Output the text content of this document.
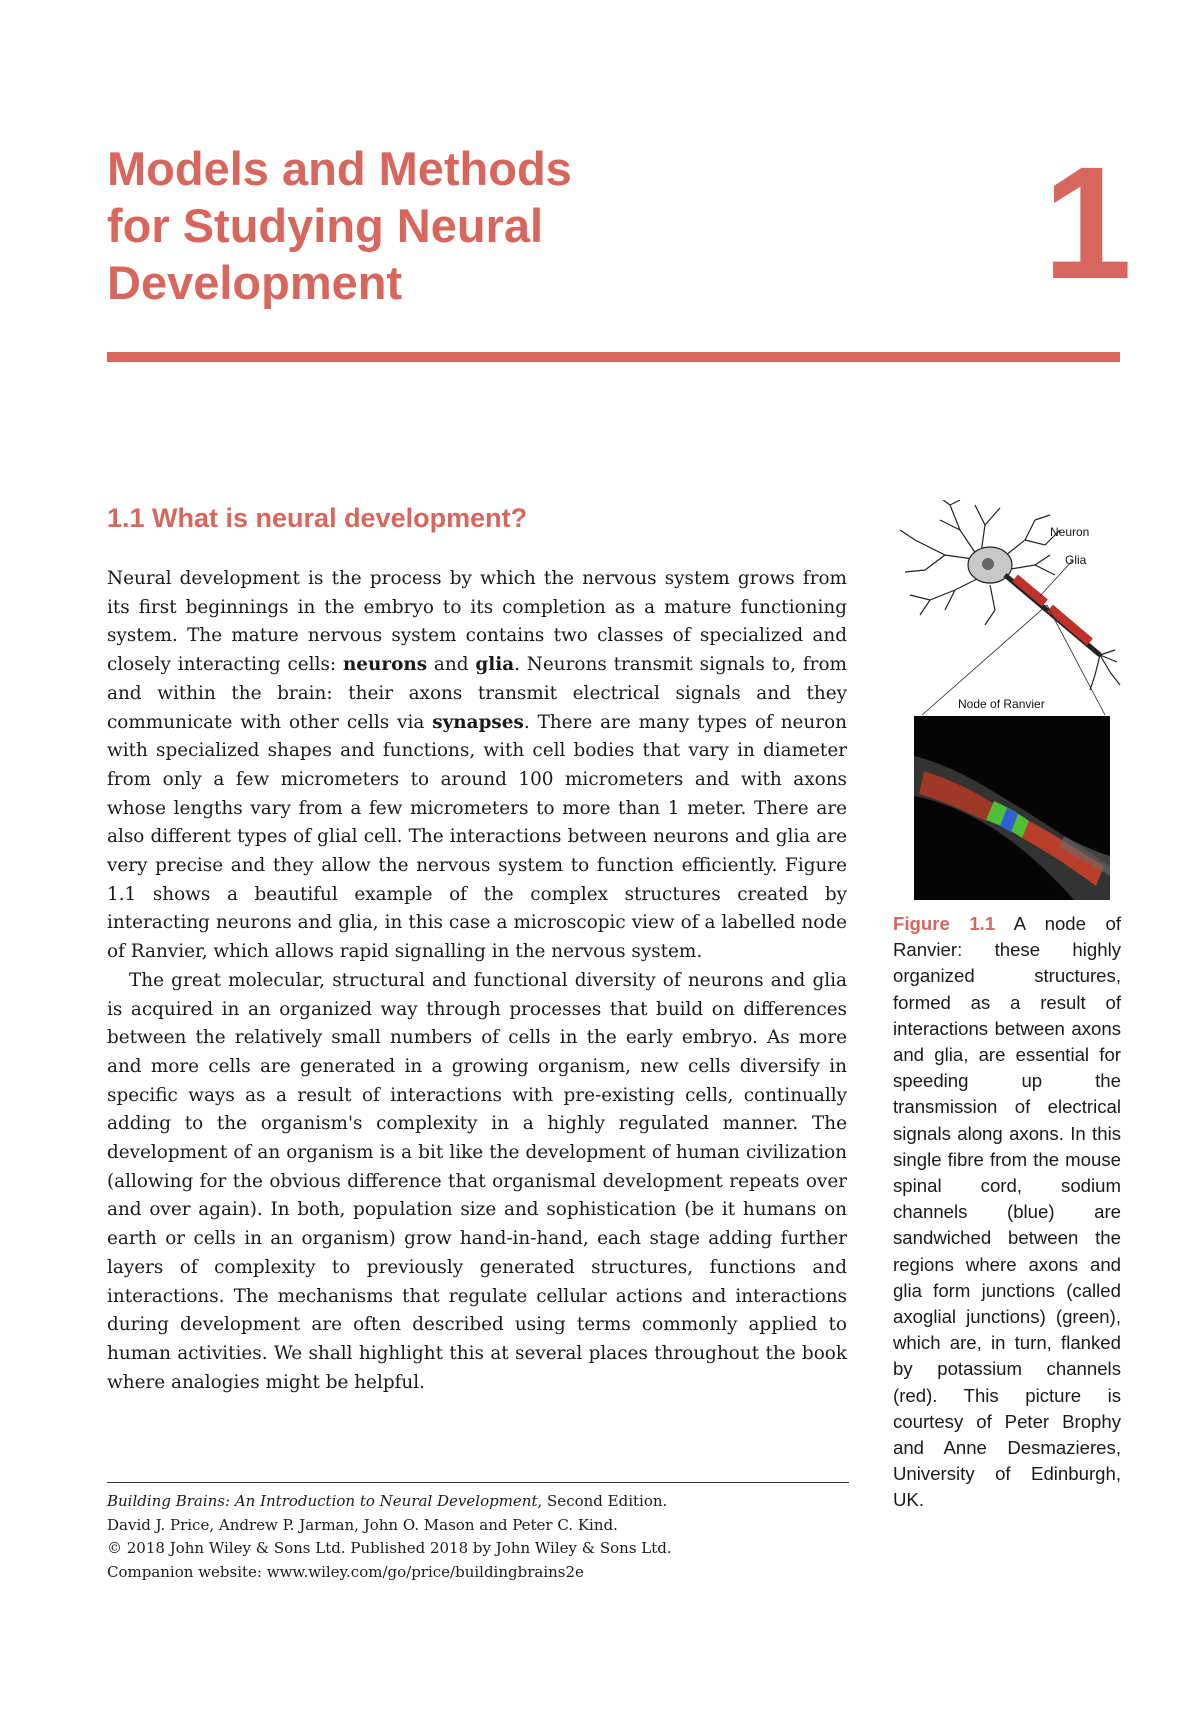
Models and Methods
for Studying Neural
Development	1
1.1 What is neural development?

Neural development is the process by which the nervous system grows from its first beginnings in the embryo to its completion as a mature functioning system. The mature nervous system contains two classes of specialized and closely interacting cells: neurons and glia. Neurons transmit signals to, from and within the brain: their axons transmit electrical signals and they communicate with other cells via synapses. There are many types of neuron with specialized shapes and functions, with cell bodies that vary in diameter from only a few micrometers to around 100 micrometers and with axons whose lengths vary from a few micrometers to more than 1 meter. There are also different types of glial cell. The interactions between neurons and glia are very precise and they allow the nervous system to function efficiently. Figure 1.1 shows a beautiful example of the complex structures created by interacting neurons and glia, in this case a microscopic view of a labelled node of Ranvier, which allows rapid signalling in the nervous system.

The great molecular, structural and functional diversity of neurons and glia is acquired in an organized way through processes that build on differences between the relatively small numbers of cells in the early embryo. As more and more cells are generated in a growing organism, new cells diversify in specific ways as a result of interactions with pre-existing cells, continually adding to the organism's complexity in a highly regulated manner. The development of an organism is a bit like the development of human civilization (allowing for the obvious difference that organismal development repeats over and over again). In both, population size and sophistication (be it humans on earth or cells in an organism) grow hand-in-hand, each stage adding further layers of complexity to previously generated structures, functions and interactions. The mechanisms that regulate cellular actions and interactions during development are often described using terms commonly applied to human activities. We shall highlight this at several places throughout the book where analogies might be helpful.

Neuron
Glia
Node of Ranvier
Figure 1.1 A node of Ranvier: these highly organized structures, formed as a result of interactions between axons and glia, are essential for speeding up the transmission of electrical signals along axons. In this single fibre from the mouse spinal cord, sodium channels (blue) are sandwiched between the regions where axons and glia form junctions (called axoglial junctions) (green), which are, in turn, flanked by potassium channels (red). This picture is courtesy of Peter Brophy and Anne Desmazieres, University of Edinburgh, UK.
Building Brains: An Introduction to Neural Development, Second Edition.
David J. Price, Andrew P. Jarman, John O. Mason and Peter C. Kind.
© 2018 John Wiley & Sons Ltd. Published 2018 by John Wiley & Sons Ltd.
Companion website: www.wiley.com/go/price/buildingbrains2e
